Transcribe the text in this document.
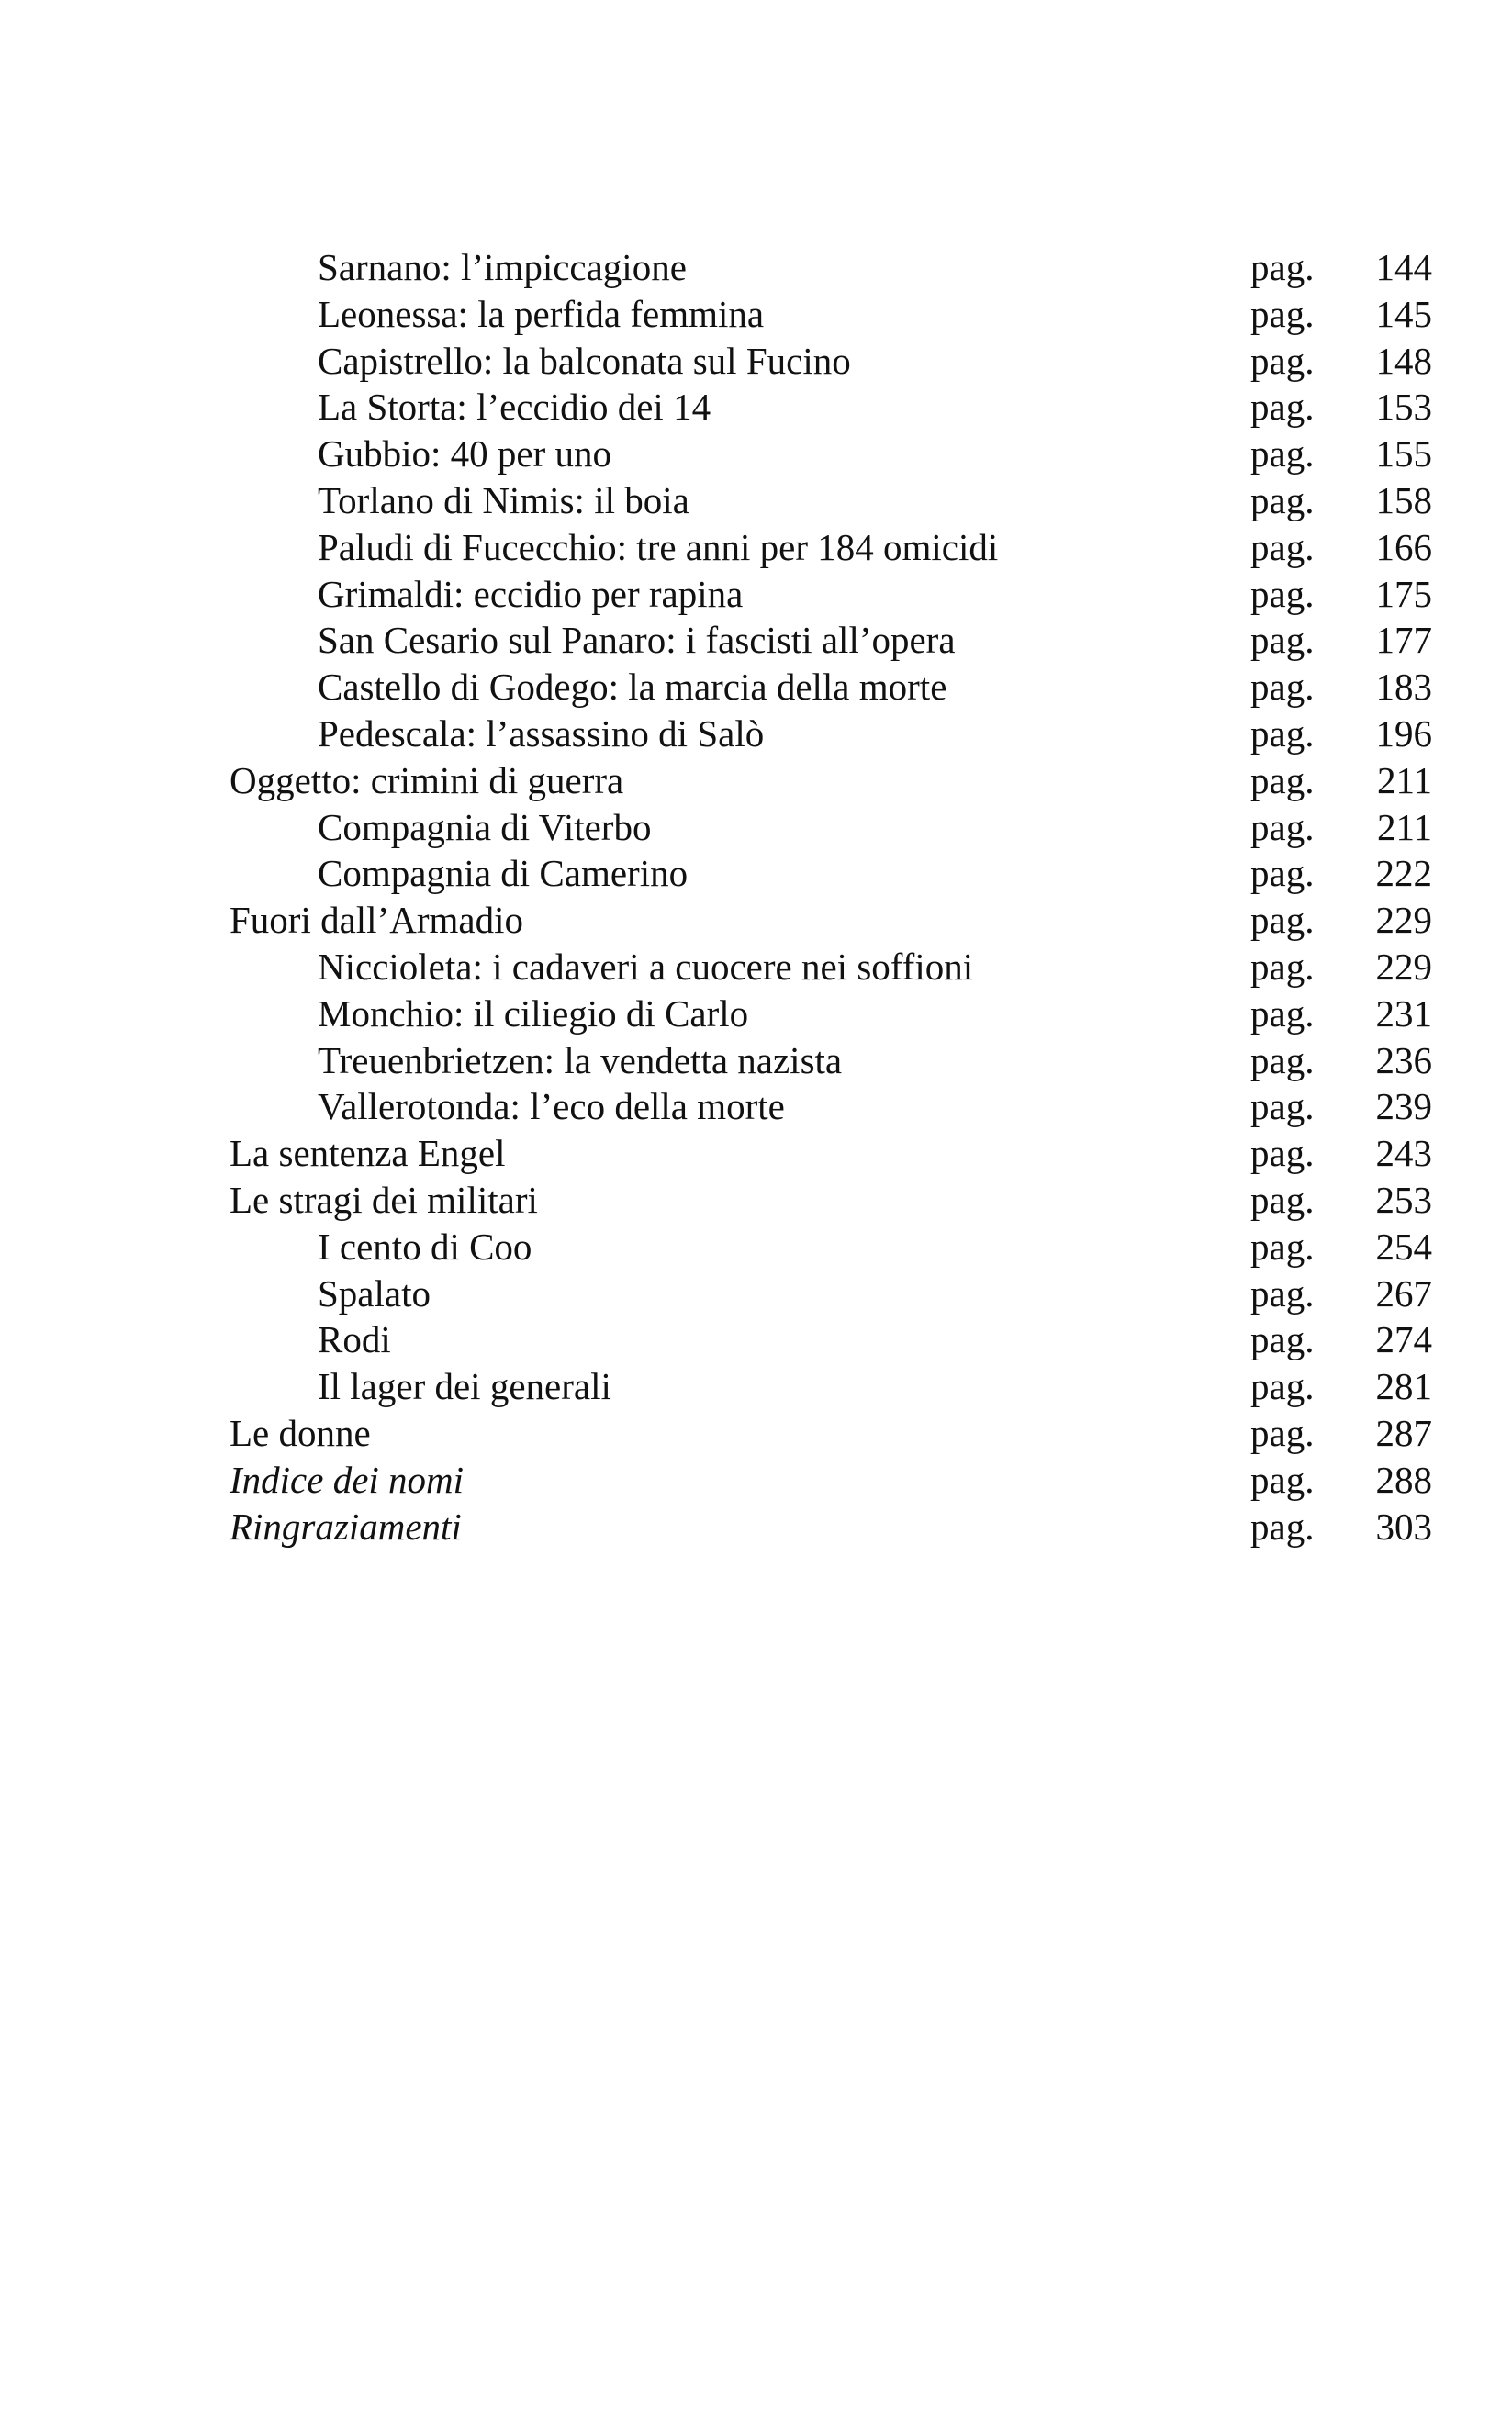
Sarnano: l’impiccagione	pag.	144
Leonessa: la perfida femmina	pag.	145
Capistrello: la balconata sul Fucino	pag.	148
La Storta: l’eccidio dei 14	pag.	153
Gubbio: 40 per uno	pag.	155
Torlano di Nimis: il boia	pag.	158
Paludi di Fucecchio: tre anni per 184 omicidi	pag.	166
Grimaldi: eccidio per rapina	pag.	175
San Cesario sul Panaro: i fascisti all’opera	pag.	177
Castello di Godego: la marcia della morte	pag.	183
Pedescala: l’assassino di Salò	pag.	196
Oggetto: crimini di guerra	pag.	211
Compagnia di Viterbo	pag.	211
Compagnia di Camerino	pag.	222
Fuori dall’Armadio	pag.	229
Niccioleta: i cadaveri a cuocere nei soffioni	pag.	229
Monchio: il ciliegio di Carlo	pag.	231
Treuenbrietzen: la vendetta nazista	pag.	236
Vallerotonda: l’eco della morte	pag.	239
La sentenza Engel	pag.	243
Le stragi dei militari	pag.	253
I cento di Coo	pag.	254
Spalato	pag.	267
Rodi	pag.	274
Il lager dei generali	pag.	281
Le donne	pag.	287
Indice dei nomi	pag.	288
Ringraziamenti	pag.	303
